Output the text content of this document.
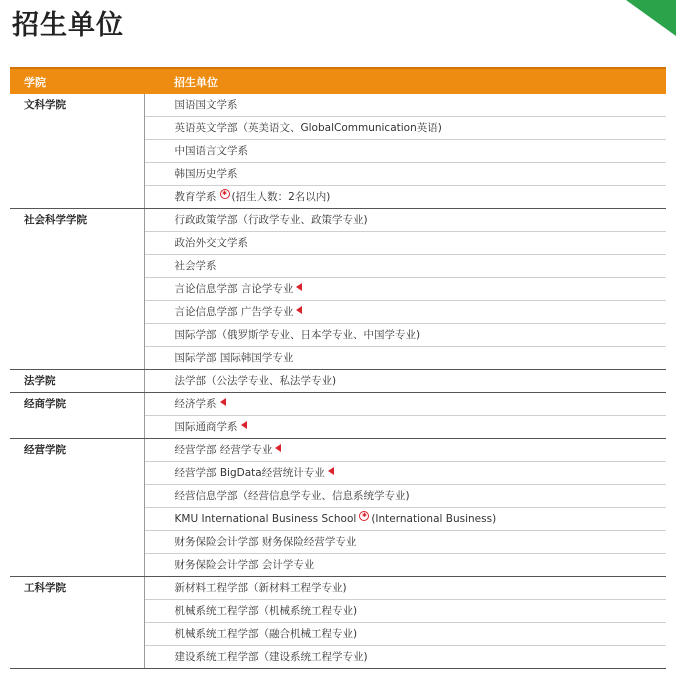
招生单位
学院	招生单位
文科学院	国语国文学系
	英语英文学部（英美语文、GlobalCommunication英语)
	中国语言文学系
	韩国历史学系
	教育学系 ✱ (招生人数：2名以内)
社会科学学院	行政政策学部（行政学专业、政策学专业)
	政治外交文学系
	社会学系
	言论信息学部 言论学专业
	言论信息学部 广告学专业
	国际学部（俄罗斯学专业、日本学专业、中国学专业)
	国际学部 国际韩国学专业
法学院	法学部（公法学专业、私法学专业)
经商学院	经济学系
	国际通商学系
经营学院	经营学部 经营学专业
	经营学部 BigData经营统计专业
	经营信息学部（经营信息学专业、信息系统学专业)
	KMU International Business School ✱ (International Business)
	财务保险会计学部 财务保险经营学专业
	财务保险会计学部 会计学专业
工科学院	新材料工程学部（新材料工程学专业)
	机械系统工程学部（机械系统工程专业)
	机械系统工程学部（融合机械工程专业)
	建设系统工程学部（建设系统工程学专业)
